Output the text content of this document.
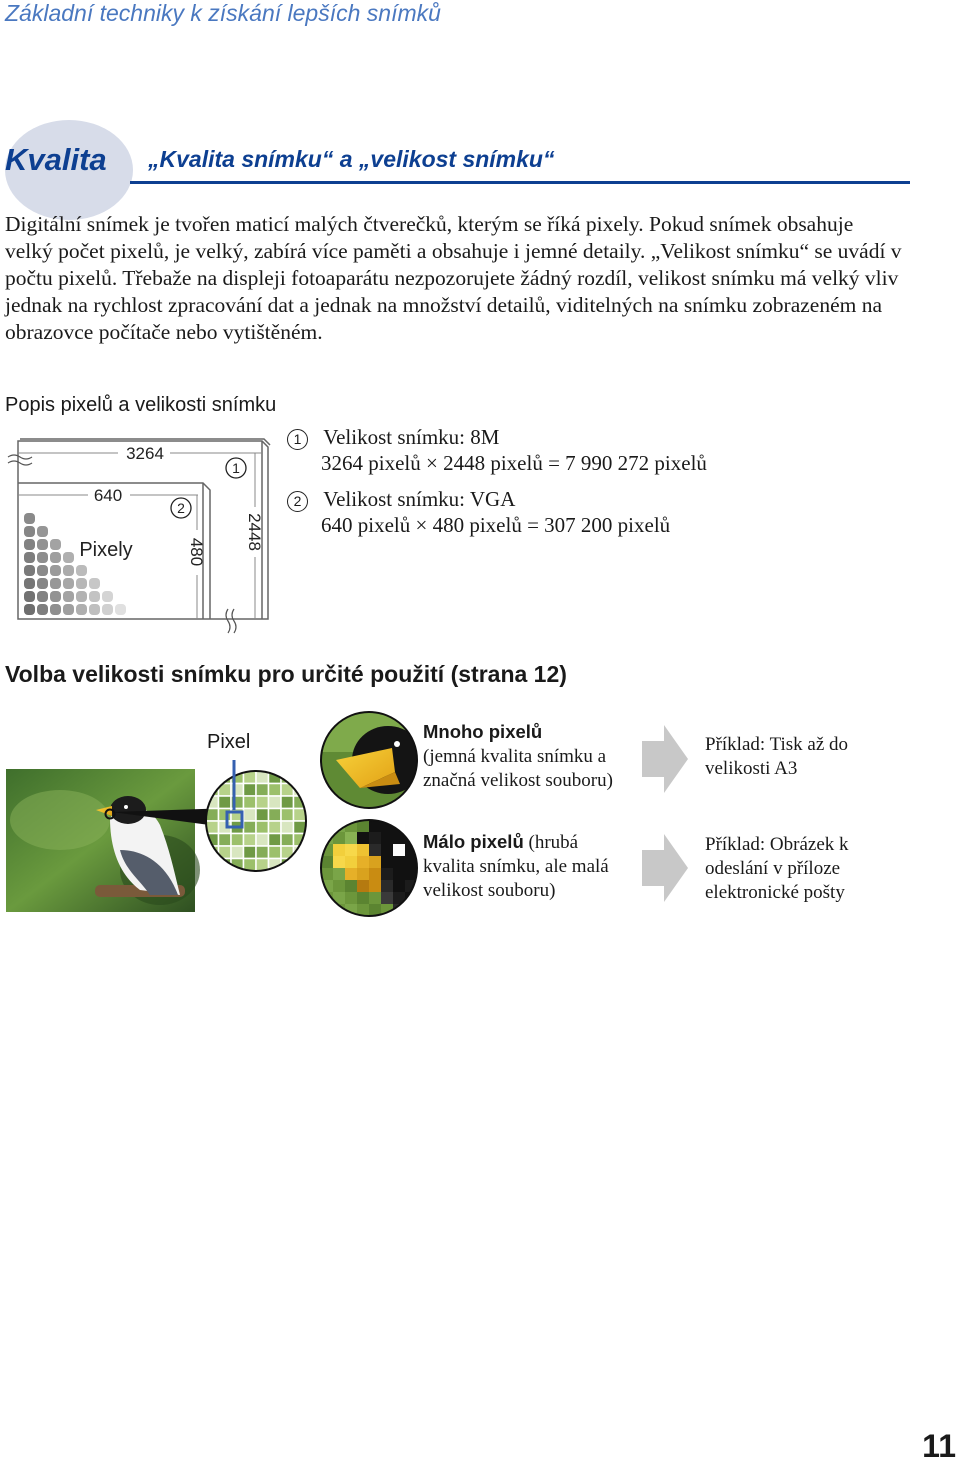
Základní techniky k získání lepších snímků
Kvalita „Kvalita snímku“ a „velikost snímku“

Digitální snímek je tvořen maticí malých čtverečků, kterým se říká pixely. Pokud snímek obsahuje velký počet pixelů, je velký, zabírá více paměti a obsahuje i jemné detaily. „Velikost snímku“ se uvádí v počtu pixelů. Třebaže na displeji fotoaparátu nezpozorujete žádný rozdíl, velikost snímku má velký vliv jednak na rychlost zpracování dat a jednak na množství detailů, viditelných na snímku zobrazeném na obrazovce počítače nebo vytištěném.

Popis pixelů a velikosti snímku
3264
640
Pixely	2448
480
1
2
1 Velikost snímku: 8M
3264 pixelů × 2448 pixelů = 7 990 272 pixelů
2 Velikost snímku: VGA
640 pixelů × 480 pixelů = 307 200 pixelů
Volba velikosti snímku pro určité použití (strana 12)
Pixel	Mnoho pixelů
(jemná kvalita snímku a značná velikost souboru)
Málo pixelů (hrubá kvalita snímku, ale malá velikost souboru)
Příklad: Tisk až do velikosti A3
Příklad: Obrázek k odeslání v příloze elektronické pošty
11
